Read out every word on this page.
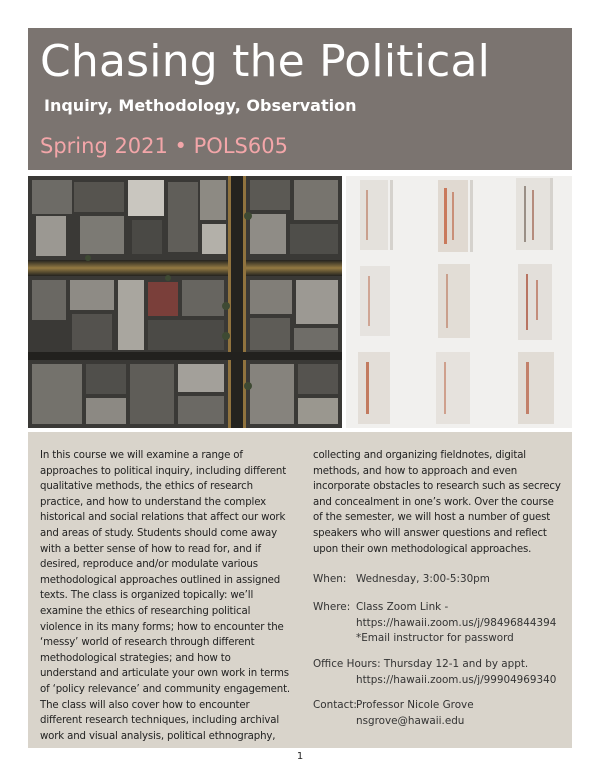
Chasing the Political
Inquiry, Methodology, Observation
Spring 2021 • POLS605
In this course we will examine a range of
approaches to political inquiry, including different
qualitative methods, the ethics of research
practice, and how to understand the complex
historical and social relations that affect our work
and areas of study. Students should come away
with a better sense of how to read for, and if
desired, reproduce and/or modulate various
methodological approaches outlined in assigned
texts. The class is organized topically: we’ll
examine the ethics of researching political
violence in its many forms; how to encounter the
‘messy’ world of research through different
methodological strategies; and how to
understand and articulate your own work in terms
of ‘policy relevance’ and community engagement.
The class will also cover how to encounter
different research techniques, including archival
work and visual analysis, political ethnography,
collecting and organizing fieldnotes, digital
methods, and how to approach and even
incorporate obstacles to research such as secrecy
and concealment in one’s work. Over the course
of the semester, we will host a number of guest
speakers who will answer questions and reflect
upon their own methodological approaches.
When: Wednesday, 3:00-5:30pm
Where: Class Zoom Link -
https://hawaii.zoom.us/j/98496844394
*Email instructor for password
Office Hours: Thursday 12-1 and by appt.
https://hawaii.zoom.us/j/99904969340
Contact:Professor Nicole Grove
nsgrove@hawaii.edu
1
